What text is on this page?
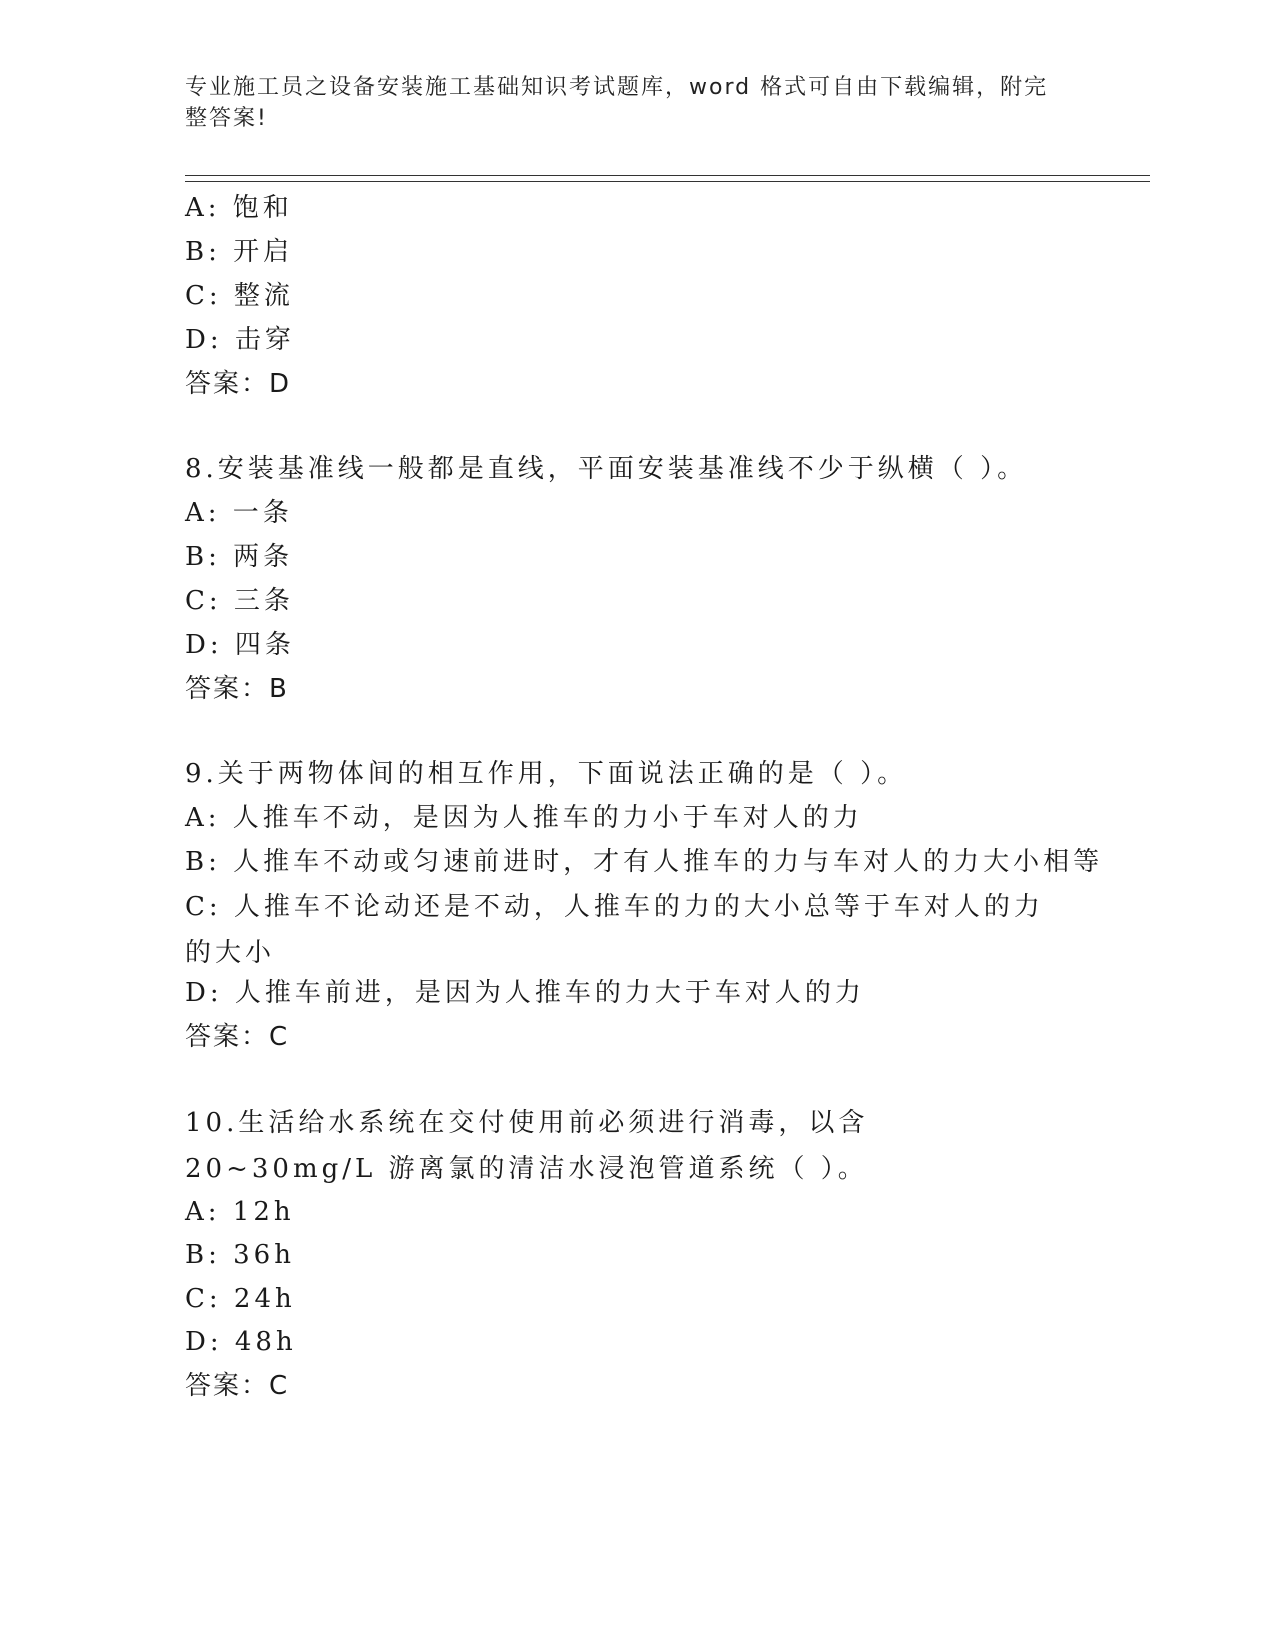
专业施工员之设备安装施工基础知识考试题库，word 格式可自由下载编辑，附完整答案!
A: 饱和
B: 开启
C: 整流
D: 击穿
答案：D
8.安装基准线一般都是直线，平面安装基准线不少于纵横（ ）。
A: 一条
B: 两条
C: 三条
D: 四条
答案：B
9.关于两物体间的相互作用，下面说法正确的是（ ）。
A: 人推车不动，是因为人推车的力小于车对人的力
B: 人推车不动或匀速前进时，才有人推车的力与车对人的力大小相等
C: 人推车不论动还是不动，人推车的力的大小总等于车对人的力的大小
D: 人推车前进，是因为人推车的力大于车对人的力
答案：C
10.生活给水系统在交付使用前必须进行消毒，以含 20~30mg/L 游离氯的清洁水浸泡管道系统（ ）。
A: 12h
B: 36h
C: 24h
D: 48h
答案：C
